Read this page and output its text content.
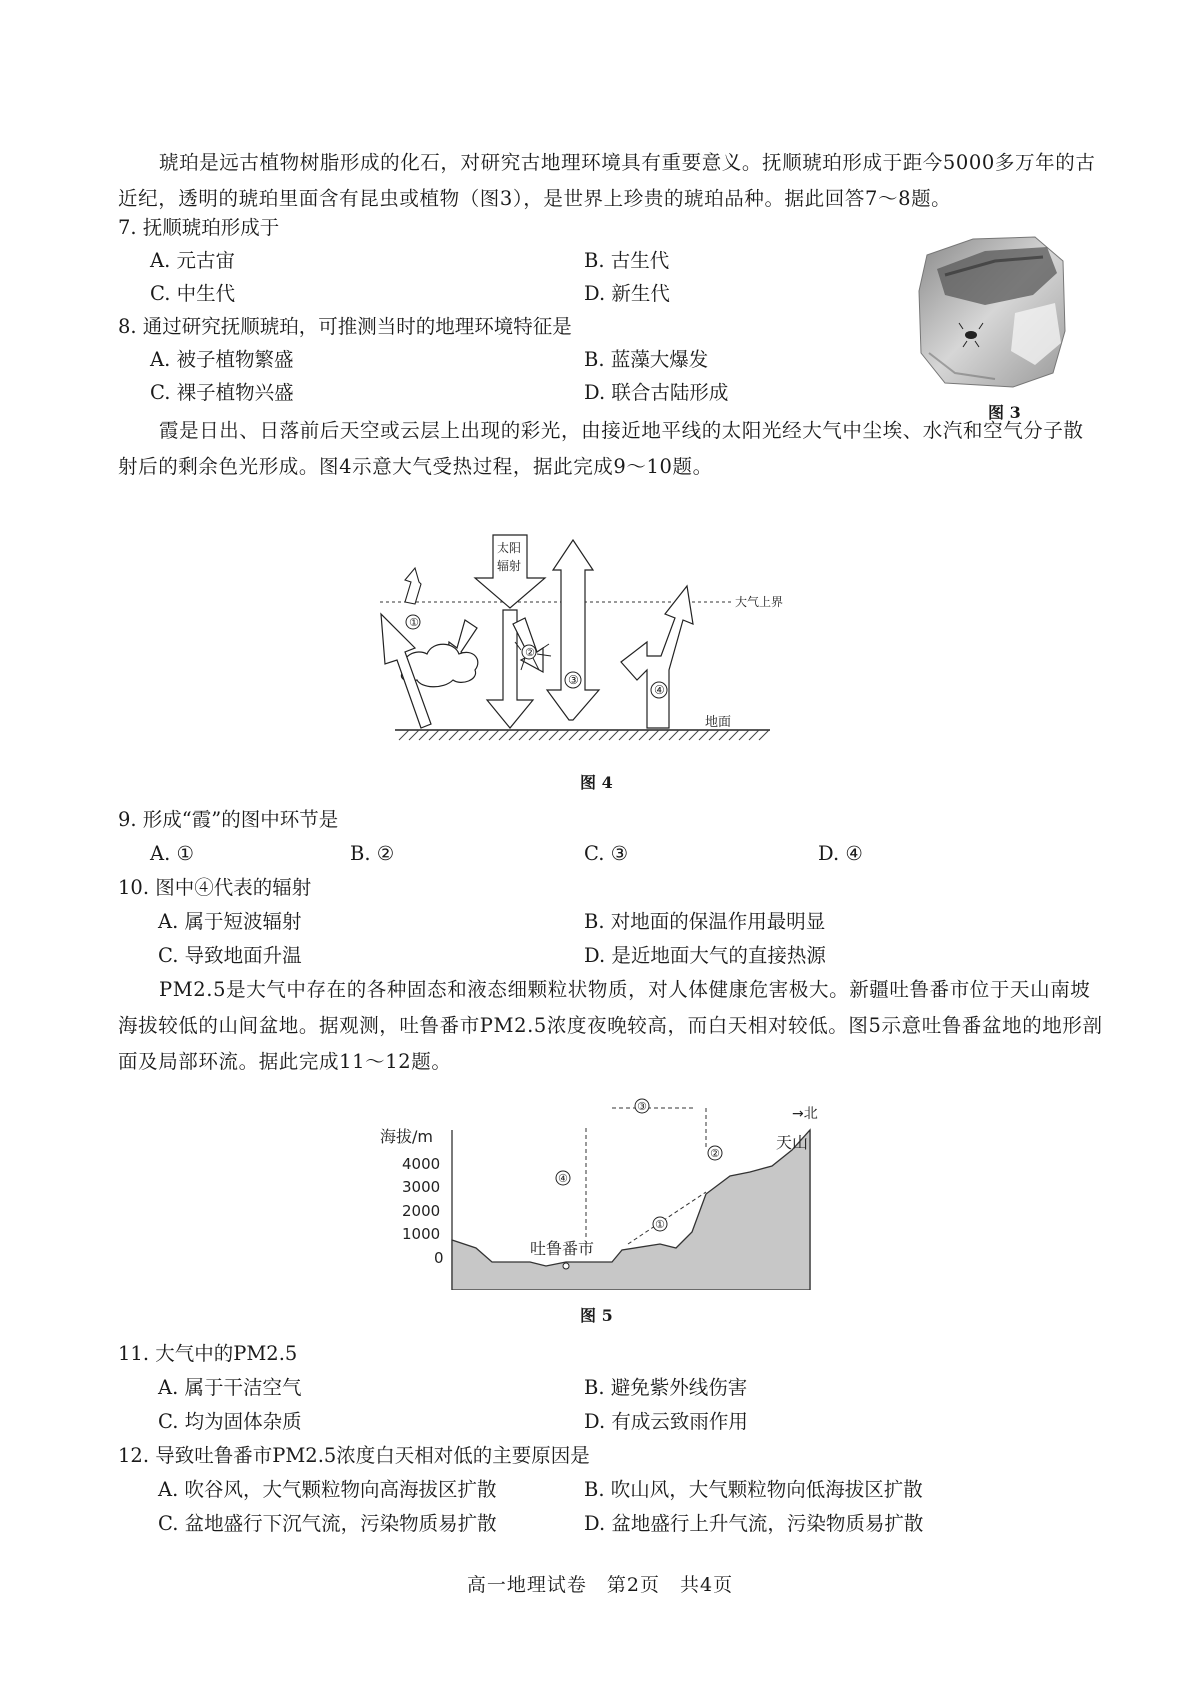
琥珀是远古植物树脂形成的化石，对研究古地理环境具有重要意义。抚顺琥珀形成于距今5000多万年的古近纪，透明的琥珀里面含有昆虫或植物（图3），是世界上珍贵的琥珀品种。据此回答7～8题。
7. 抚顺琥珀形成于
A. 元古宙	B. 古生代
C. 中生代	D. 新生代
8. 通过研究抚顺琥珀，可推测当时的地理环境特征是
A. 被子植物繁盛	B. 蓝藻大爆发
C. 裸子植物兴盛	D. 联合古陆形成
图 3
霞是日出、日落前后天空或云层上出现的彩光，由接近地平线的太阳光经大气中尘埃、水汽和空气分子散射后的剩余色光形成。图4示意大气受热过程，据此完成9～10题。
大气上界
地面
太阳
辐射
①
②
③
④
图 4
9. 形成“霞”的图中环节是
A. ①	B. ②	C. ③	D. ④
10. 图中④代表的辐射
A. 属于短波辐射	B. 对地面的保温作用最明显
C. 导致地面升温	D. 是近地面大气的直接热源
PM2.5是大气中存在的各种固态和液态细颗粒状物质，对人体健康危害极大。新疆吐鲁番市位于天山南坡海拔较低的山间盆地。据观测，吐鲁番市PM2.5浓度夜晚较高，而白天相对较低。图5示意吐鲁番盆地的地形剖面及局部环流。据此完成11～12题。
海拔/m
4000
3000
2000
1000
0	吐鲁番市
天山
→北
④
③
②
①
图 5
11. 大气中的PM2.5
A. 属于干洁空气	B. 避免紫外线伤害
C. 均为固体杂质	D. 有成云致雨作用
12. 导致吐鲁番市PM2.5浓度白天相对低的主要原因是
A. 吹谷风，大气颗粒物向高海拔区扩散	B. 吹山风，大气颗粒物向低海拔区扩散
C. 盆地盛行下沉气流，污染物质易扩散	D. 盆地盛行上升气流，污染物质易扩散
高一地理试卷　第2页　共4页
